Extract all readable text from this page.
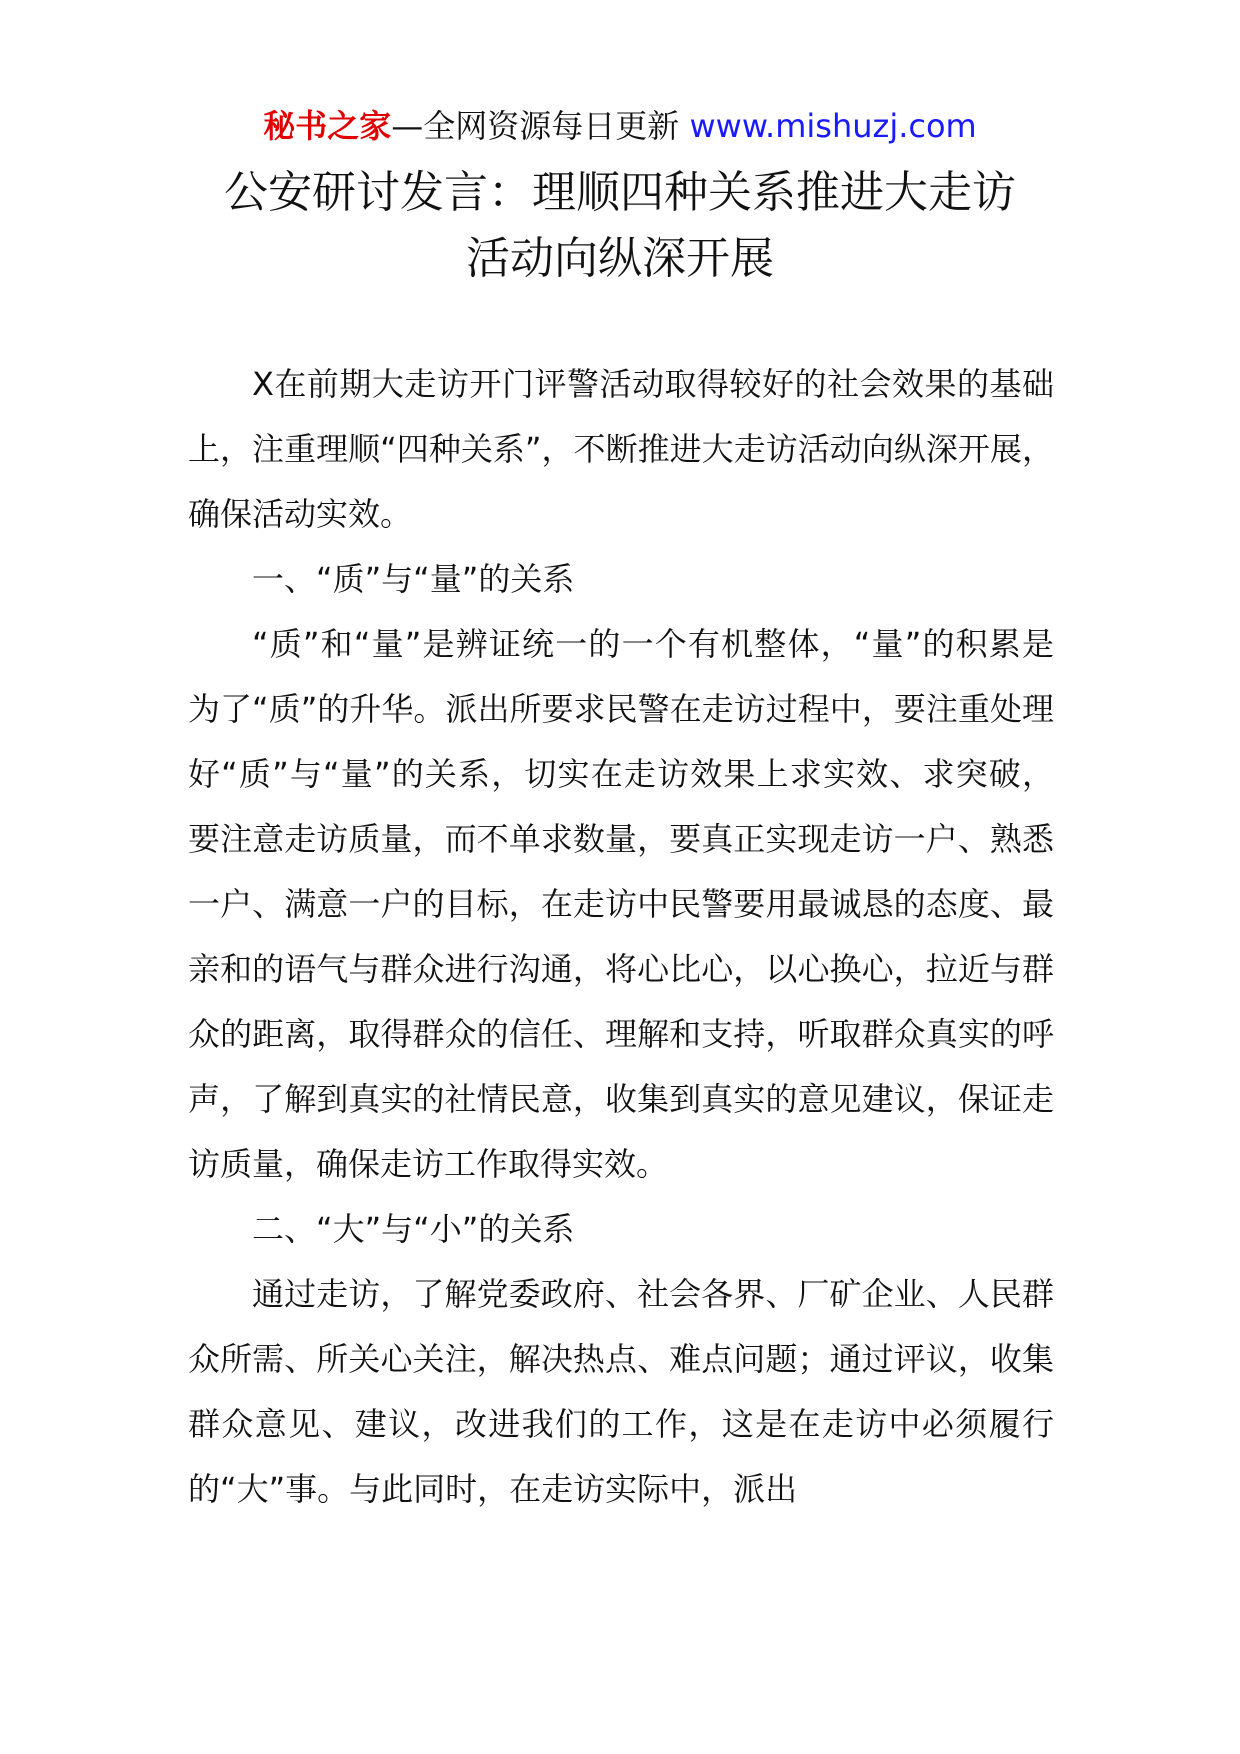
秘书之家—全网资源每日更新 www.mishuzj.com
公安研讨发言：理顺四种关系推进大走访
活动向纵深开展

X在前期大走访开门评警活动取得较好的社会效果的基础上，注重理顺“四种关系”，不断推进大走访活动向纵深开展，确保活动实效。

一、“质”与“量”的关系

“质”和“量”是辨证统一的一个有机整体，“量”的积累是为了“质”的升华。派出所要求民警在走访过程中，要注重处理好“质”与“量”的关系，切实在走访效果上求实效、求突破，要注意走访质量，而不单求数量，要真正实现走访一户、熟悉一户、满意一户的目标，在走访中民警要用最诚恳的态度、最亲和的语气与群众进行沟通，将心比心，以心换心，拉近与群众的距离，取得群众的信任、理解和支持，听取群众真实的呼声，了解到真实的社情民意，收集到真实的意见建议，保证走访质量，确保走访工作取得实效。

二、“大”与“小”的关系

通过走访，了解党委政府、社会各界、厂矿企业、人民群众所需、所关心关注，解决热点、难点问题；通过评议，收集群众意见、建议，改进我们的工作，这是在走访中必须履行的“大”事。与此同时，在走访实际中，派出
